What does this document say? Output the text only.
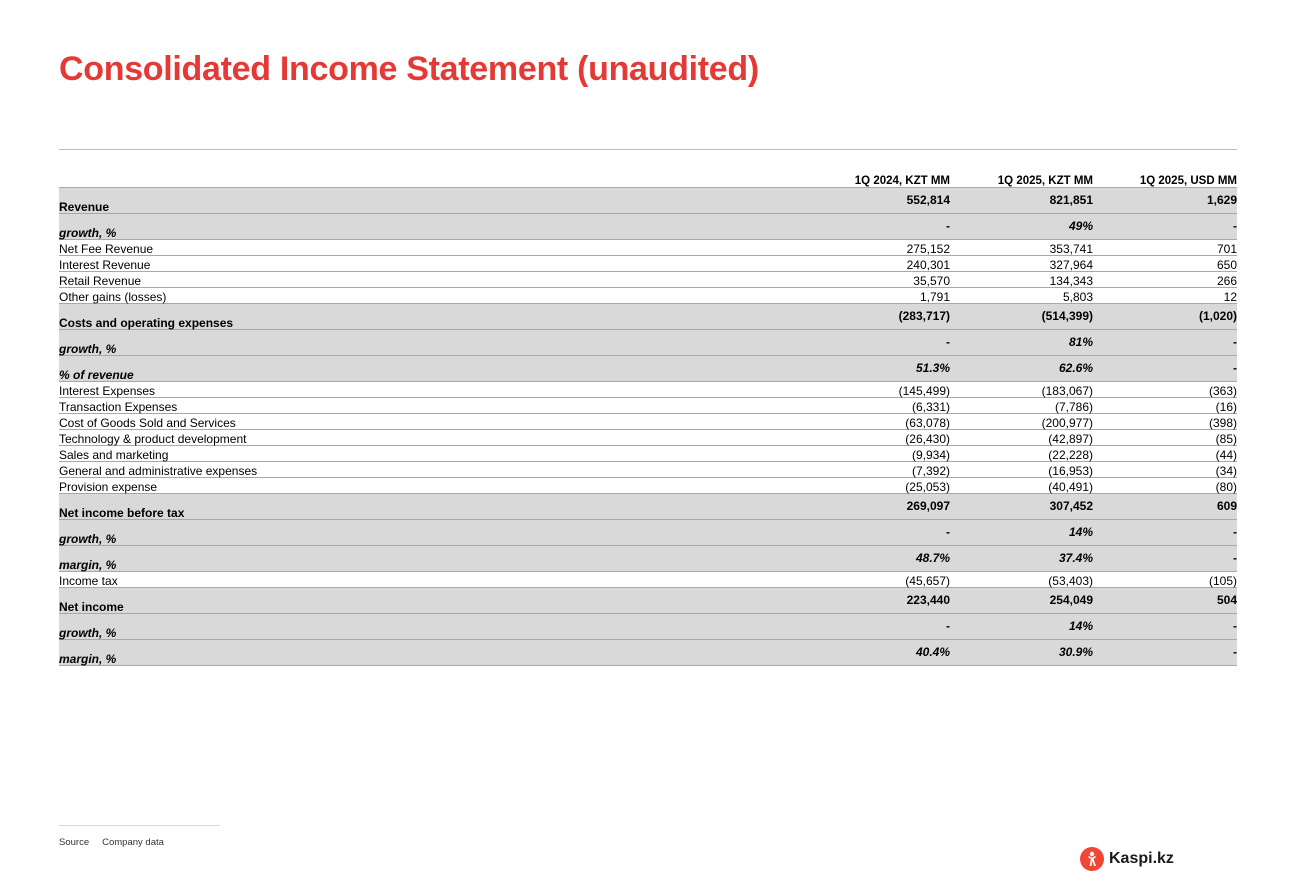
Consolidated Income Statement (unaudited)
	1Q 2024, KZT MM	1Q 2025, KZT MM	1Q 2025, USD MM
Revenue	552,814	821,851	1,629
growth, %	-	49%	-
Net Fee Revenue	275,152	353,741	701
Interest Revenue	240,301	327,964	650
Retail Revenue	35,570	134,343	266
Other gains (losses)	1,791	5,803	12
Costs and operating expenses	(283,717)	(514,399)	(1,020)
growth, %	-	81%	-
% of revenue	51.3%	62.6%	-
Interest Expenses	(145,499)	(183,067)	(363)
Transaction Expenses	(6,331)	(7,786)	(16)
Cost of Goods Sold and Services	(63,078)	(200,977)	(398)
Technology & product development	(26,430)	(42,897)	(85)
Sales and marketing	(9,934)	(22,228)	(44)
General and administrative expenses	(7,392)	(16,953)	(34)
Provision expense	(25,053)	(40,491)	(80)
Net income before tax	269,097	307,452	609
growth, %	-	14%	-
margin, %	48.7%	37.4%	-
Income tax	(45,657)	(53,403)	(105)
Net income	223,440	254,049	504
growth, %	-	14%	-
margin, %	40.4%	30.9%	-
Source Company data
Kaspi.kz
